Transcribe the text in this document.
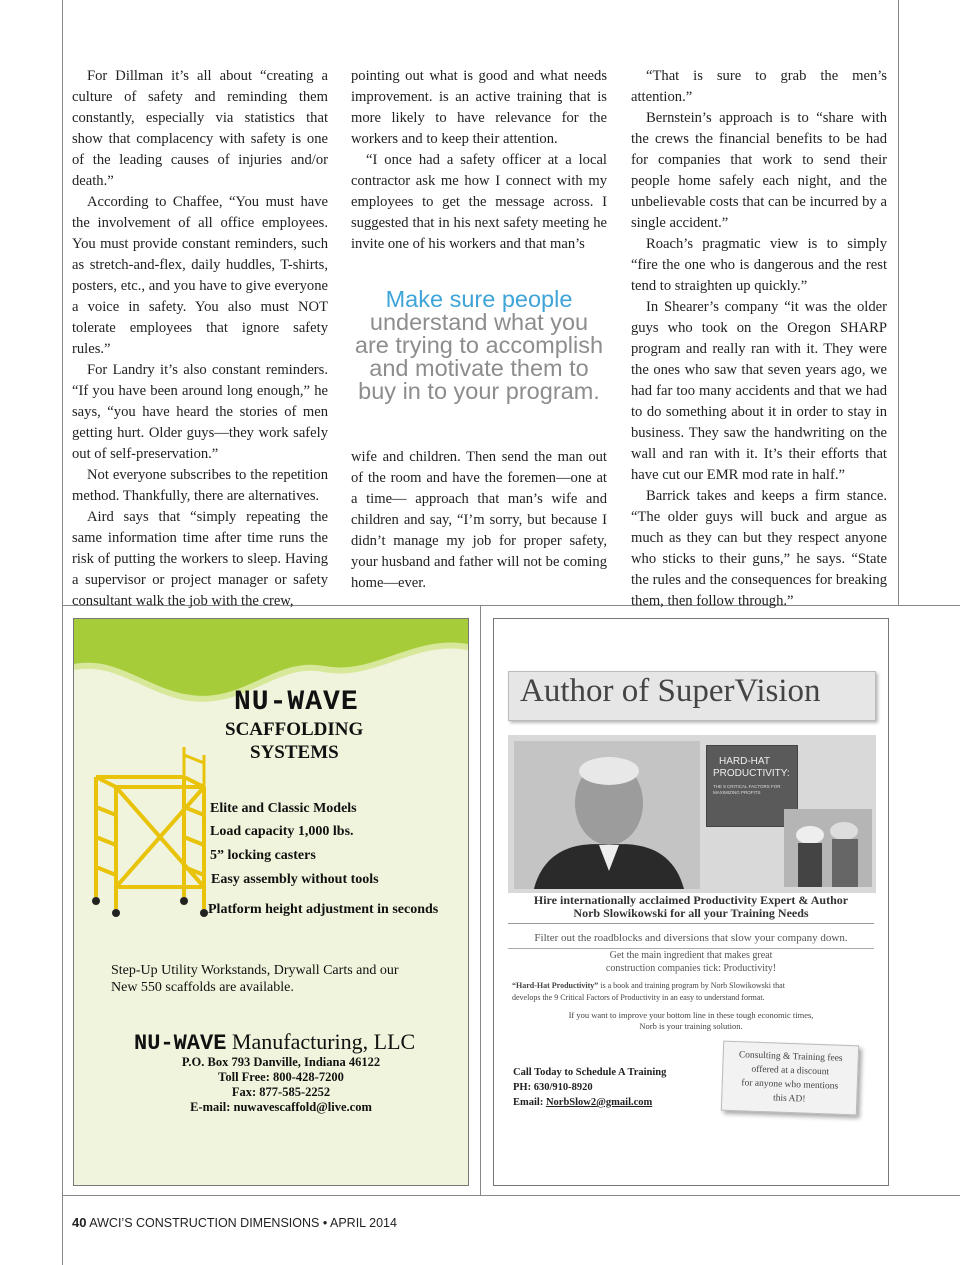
For Dillman it’s all about “creating a culture of safety and reminding them constantly, especially via statistics that show that complacency with safety is one of the leading causes of injuries and/or death.”

According to Chaffee, “You must have the involvement of all office employees. You must provide constant reminders, such as stretch-and-flex, daily huddles, T-shirts, posters, etc., and you have to give everyone a voice in safety. You also must NOT tolerate employees that ignore safety rules.”

For Landry it’s also constant reminders. “If you have been around long enough,” he says, “you have heard the stories of men getting hurt. Older guys—they work safely out of self-preservation.”

Not everyone subscribes to the repetition method. Thankfully, there are alternatives.

Aird says that “simply repeating the same information time after time runs the risk of putting the workers to sleep. Having a supervisor or project manager or safety consultant walk the job with the crew,

pointing out what is good and what needs improvement. is an active training that is more likely to have relevance for the workers and to keep their attention.

“I once had a safety officer at a local contractor ask me how I connect with my employees to get the message across. I suggested that in his next safety meeting he invite one of his workers and that man’s

Make sure people
understand what you are trying to accomplish and motivate them to buy in to your program.

wife and children. Then send the man out of the room and have the foremen—one at a time— approach that man’s wife and children and say, “I’m sorry, but because I didn’t manage my job for proper safety, your husband and father will not be coming home—ever.

“That is sure to grab the men’s attention.”

Bernstein’s approach is to “share with the crews the financial benefits to be had for companies that work to send their people home safely each night, and the unbelievable costs that can be incurred by a single accident.”

Roach’s pragmatic view is to simply “fire the one who is dangerous and the rest tend to straighten up quickly.”

In Shearer’s company “it was the older guys who took on the Oregon SHARP program and really ran with it. They were the ones who saw that seven years ago, we had far too many accidents and that we had to do something about it in order to stay in business. They saw the handwriting on the wall and ran with it. It’s their efforts that have cut our EMR mod rate in half.”

Barrick takes and keeps a firm stance. “The older guys will buck and argue as much as they can but they respect anyone who sticks to their guns,” he says. “State the rules and the consequences for breaking them, then follow through.”

NU-WAVE
SCAFFOLDING
SYSTEMS
Elite and Classic Models
Load capacity 1,000 lbs.
5” locking casters
Easy assembly without tools
Platform height adjustment in seconds
Step-Up Utility Workstands, Drywall Carts and our
New 550 scaffolds are available.
NU-WAVE Manufacturing, LLC
P.O. Box 793 Danville, Indiana 46122
Toll Free: 800-428-7200
Fax: 877-585-2252
E-mail: nuwavescaffold@live.com
Author of SuperVision
HARD-HAT
PRODUCTIVITY:
THE 9 CRITICAL FACTORS FOR MAXIMIZING PROFITS
Hire internationally acclaimed Productivity Expert & Author
Norb Slowikowski for all your Training Needs
Filter out the roadblocks and diversions that slow your company down.
Get the main ingredient that makes great
construction companies tick: Productivity!
“Hard-Hat Productivity” is a book and training program by Norb Slowikowski that
develops the 9 Critical Factors of Productivity in an easy to understand format.
If you want to improve your bottom line in these tough economic times,
Norb is your training solution.
Call Today to Schedule A Training
PH: 630/910-8920
Email: NorbSlow2@gmail.com
Consulting & Training fees
offered at a discount
for anyone who mentions
this AD!
40 AWCI’S CONSTRUCTION DIMENSIONS • APRIL 2014
